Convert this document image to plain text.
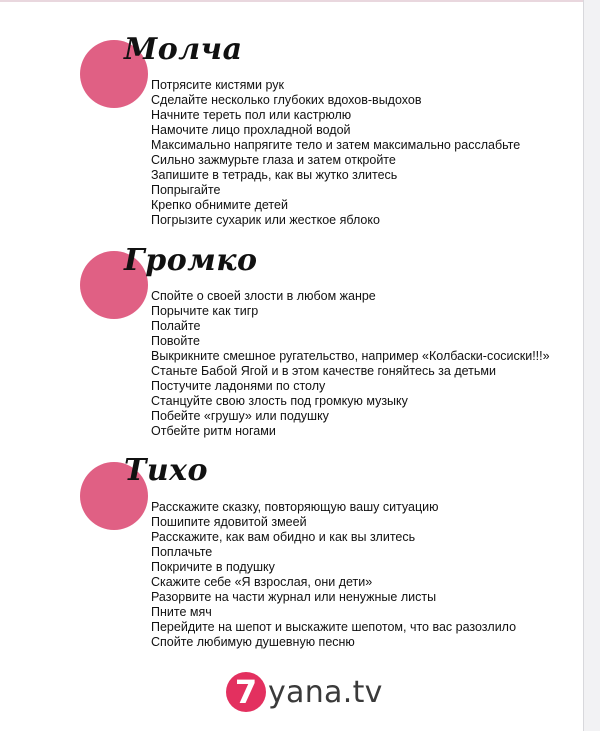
Молча
Потрясите кистями рук
Сделайте несколько глубоких вдохов-выдохов
Начните тереть пол или кастрюлю
Намочите лицо прохладной водой
Максимально напрягите тело и затем максимально расслабьте
Сильно зажмурьте глаза и затем откройте
Запишите в тетрадь, как вы жутко злитесь
Попрыгайте
Крепко обнимите детей
Погрызите сухарик или жесткое яблоко
Громко
Спойте о своей злости в любом жанре
Порычите как тигр
Полайте
Повойте
Выкрикните смешное ругательство, например «Колбаски-сосиски!!!»
Станьте Бабой Ягой и в этом качестве гоняйтесь за детьми
Постучите ладонями по столу
Станцуйте свою злость под громкую музыку
Побейте «грушу» или подушку
Отбейте ритм ногами
Тихо
Расскажите сказку, повторяющую вашу ситуацию
Пошипите ядовитой змеей
Расскажите, как вам обидно и как вы злитесь
Поплачьте
Покричите в подушку
Скажите себе «Я взрослая, они дети»
Разорвите на части журнал или ненужные листы
Пните мяч
Перейдите на шепот и выскажите шепотом, что вас разозлило
Спойте любимую душевную песню
7 yana.tv
